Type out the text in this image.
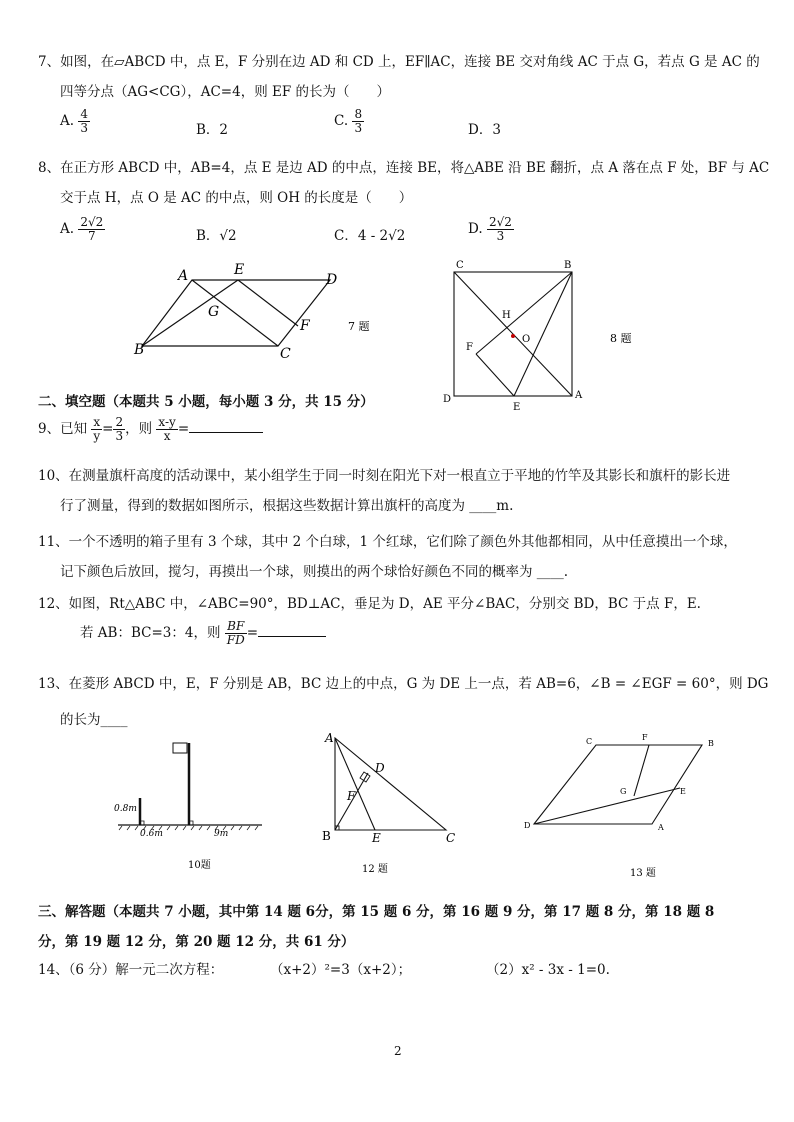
7、如图，在▱ABCD 中，点 E，F 分别在边 AD 和 CD 上，EF∥AC，连接 BE 交对角线 AC 于点 G，若点 G 是 AC 的
四等分点（AG<CG），AC=4，则 EF 的长为（　　）
A. $\frac{4}{3}$	B．2
C. $\frac{8}{3}$	D．3
8、在正方形 ABCD 中，AB=4，点 E 是边 AD 的中点，连接 BE，将△ABE 沿 BE 翻折，点 A 落在点 F 处，BF 与 AC
交于点 H，点 O 是 AC 的中点，则 OH 的长度是（　　）
A. $\frac{2√2}{7}$	B．√2	C．4 - 2√2	D. $\frac{2√2}{3}$
A	E
D
G
F
B	C
7 题
C	B
H
F
O
D
E
A
8 题
二、填空题（本题共 5 小题，每小题 3 分，共 15 分）
9、已知 $\frac{x}{y} = \frac{2}{3}$ ，则 $\frac{x-y}{x}$ =
10、在测量旗杆高度的活动课中，某小组学生于同一时刻在阳光下对一根直立于平地的竹竿及其影长和旗杆的影长进
行了测量，得到的数据如图所示，根据这些数据计算出旗杆的高度为 ____m.
11、一个不透明的箱子里有 3 个球，其中 2 个白球，1 个红球，它们除了颜色外其他都相同，从中任意摸出一个球，
记下颜色后放回，搅匀，再摸出一个球，则摸出的两个球恰好颜色不同的概率为 ____.
12、如图，Rt△ABC 中，∠ABC=90°，BD⊥AC，垂足为 D，AE 平分∠BAC，分别交 BD，BC 于点 F，E.
若 AB：BC=3：4，则 $\frac{BF}{FD}$ =
13、在菱形 ABCD 中，E，F 分别是 AB，BC 边上的中点，G 为 DE 上一点，若 AB=6，∠B = ∠EGF = 60°，则 DG
的长为____
0.8m
0.6m	9m
10题
A
D
F
B	E	C
12 题
C	F
B
G	E
D	A
13 题
三、解答题（本题共 7 小题，其中第 14 题 6分，第 15 题 6 分，第 16 题 9 分，第 17 题 8 分，第 18 题 8
分，第 19 题 12 分，第 20 题 12 分，共 61 分）
14、（6 分）解一元二次方程：	（x+2）²=3（x+2）；	（2）x² - 3x - 1=0.
2
